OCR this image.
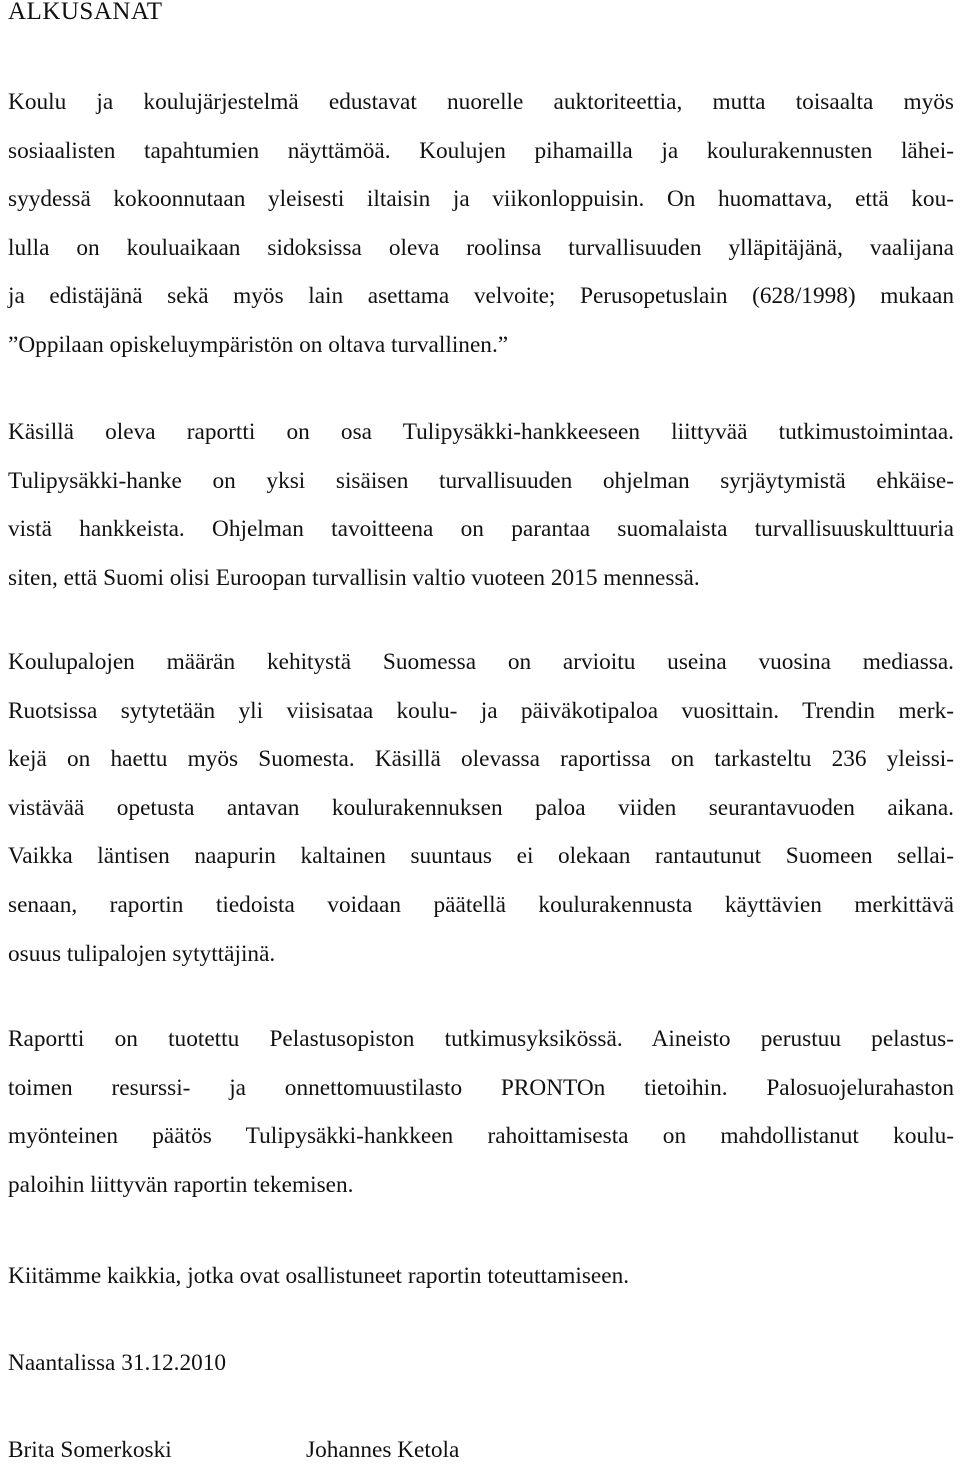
ALKUSANAT
Koulu ja koulujärjestelmä edustavat nuorelle auktoriteettia, mutta toisaalta myös
sosiaalisten tapahtumien näyttämöä. Koulujen pihamailla ja koulurakennusten lähei-
syydessä kokoonnutaan yleisesti iltaisin ja viikonloppuisin. On huomattava, että kou-
lulla on kouluaikaan sidoksissa oleva roolinsa turvallisuuden ylläpitäjänä, vaalijana
ja edistäjänä sekä myös lain asettama velvoite; Perusopetuslain (628/1998) mukaan
”Oppilaan opiskeluympäristön on oltava turvallinen.”
Käsillä oleva raportti on osa Tulipysäkki-hankkeeseen liittyvää tutkimustoimintaa.
Tulipysäkki-hanke on yksi sisäisen turvallisuuden ohjelman syrjäytymistä ehkäise-
vistä hankkeista. Ohjelman tavoitteena on parantaa suomalaista turvallisuuskulttuuria
siten, että Suomi olisi Euroopan turvallisin valtio vuoteen 2015 mennessä.
Koulupalojen määrän kehitystä Suomessa on arvioitu useina vuosina mediassa.
Ruotsissa sytytetään yli viisisataa koulu- ja päiväkotipaloa vuosittain. Trendin merk-
kejä on haettu myös Suomesta. Käsillä olevassa raportissa on tarkasteltu 236 yleissi-
vistävää opetusta antavan koulurakennuksen paloa viiden seurantavuoden aikana.
Vaikka läntisen naapurin kaltainen suuntaus ei olekaan rantautunut Suomeen sellai-
senaan, raportin tiedoista voidaan päätellä koulurakennusta käyttävien merkittävä
osuus tulipalojen sytyttäjinä.
Raportti on tuotettu Pelastusopiston tutkimusyksikössä. Aineisto perustuu pelastus-
toimen resurssi- ja onnettomuustilasto PRONTOn tietoihin. Palosuojelurahaston
myönteinen päätös Tulipysäkki-hankkeen rahoittamisesta on mahdollistanut koulu-
paloihin liittyvän raportin tekemisen.
Kiitämme kaikkia, jotka ovat osallistuneet raportin toteuttamiseen.

Naantalissa 31.12.2010

Brita Somerkoski	Johannes Ketola
